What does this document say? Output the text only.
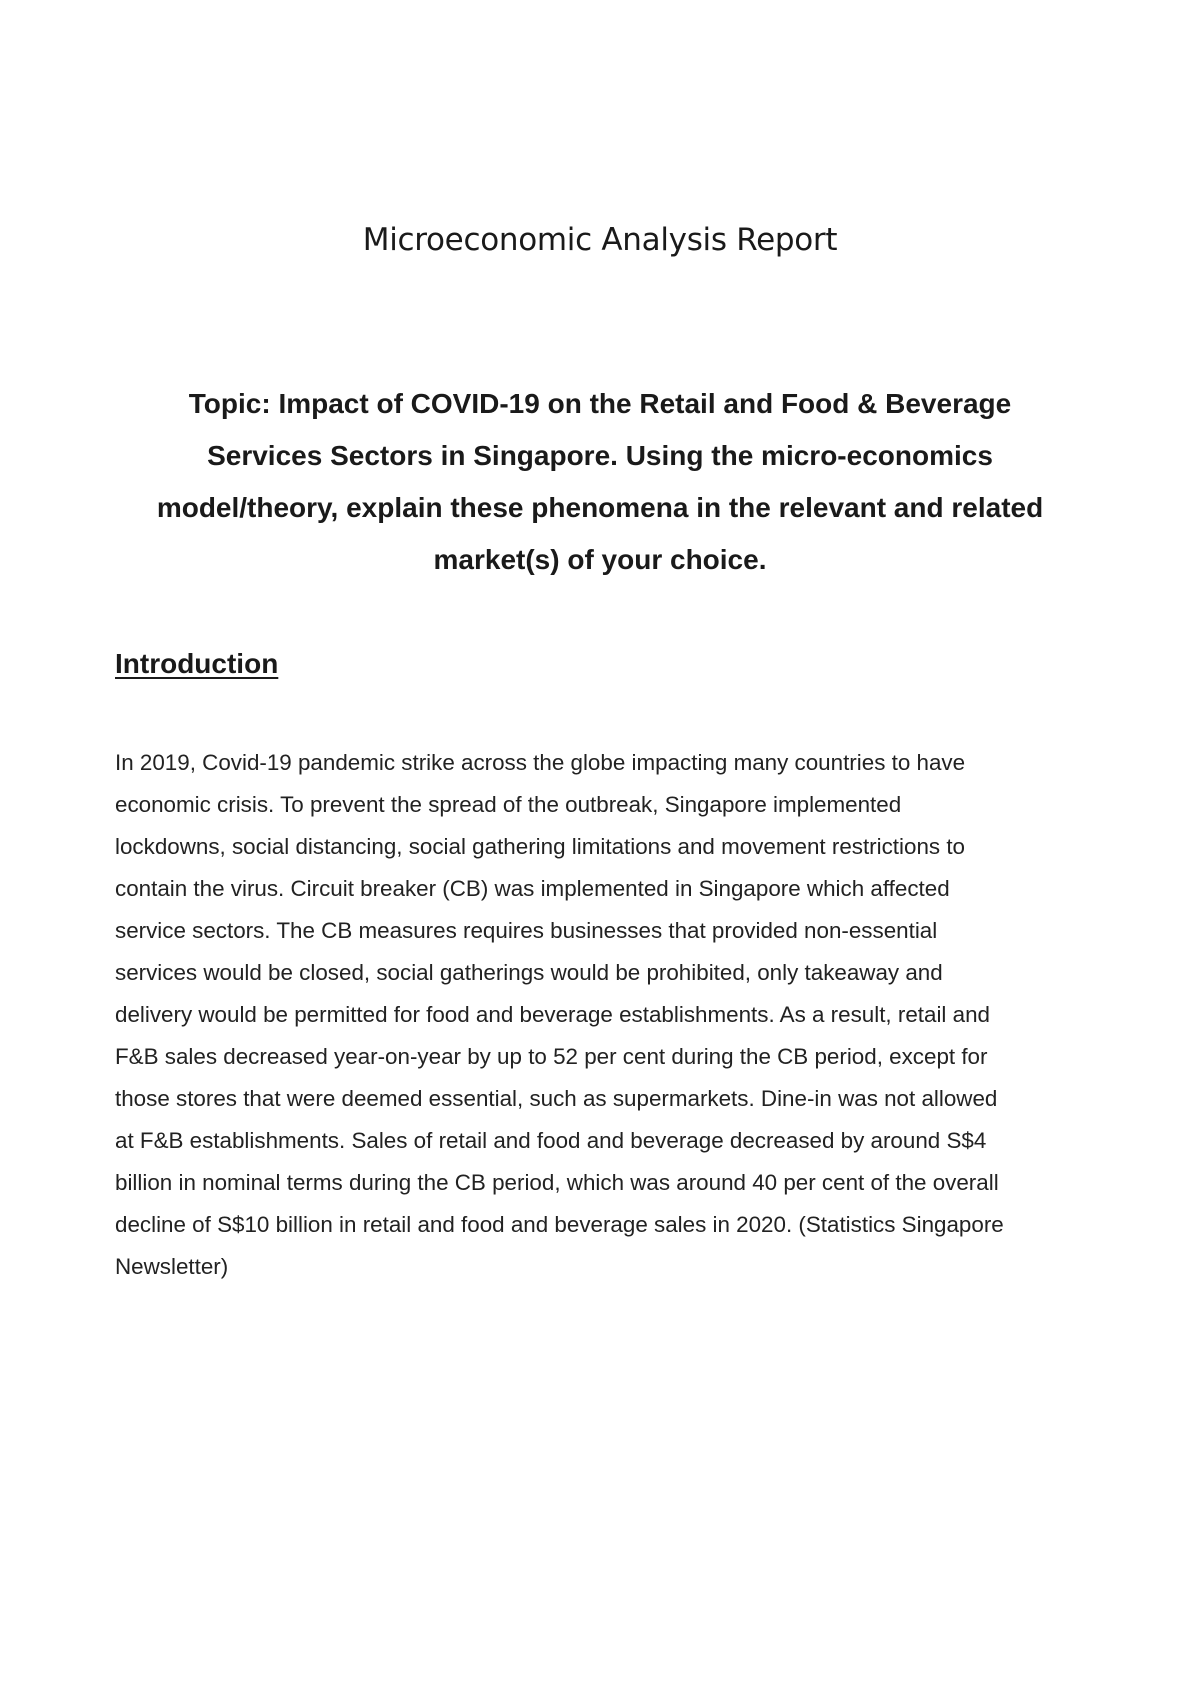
Microeconomic Analysis Report
Topic: Impact of COVID-19 on the Retail and Food & Beverage
Services Sectors in Singapore. Using the micro-economics
model/theory, explain these phenomena in the relevant and related
market(s) of your choice.
Introduction

In 2019, Covid-19 pandemic strike across the globe impacting many countries to have
economic crisis. To prevent the spread of the outbreak, Singapore implemented
lockdowns, social distancing, social gathering limitations and movement restrictions to
contain the virus. Circuit breaker (CB) was implemented in Singapore which affected
service sectors. The CB measures requires businesses that provided non-essential
services would be closed, social gatherings would be prohibited, only takeaway and
delivery would be permitted for food and beverage establishments. As a result, retail and
F&B sales decreased year-on-year by up to 52 per cent during the CB period, except for
those stores that were deemed essential, such as supermarkets. Dine-in was not allowed
at F&B establishments. Sales of retail and food and beverage decreased by around S$4
billion in nominal terms during the CB period, which was around 40 per cent of the overall
decline of S$10 billion in retail and food and beverage sales in 2020. (Statistics Singapore
Newsletter)
